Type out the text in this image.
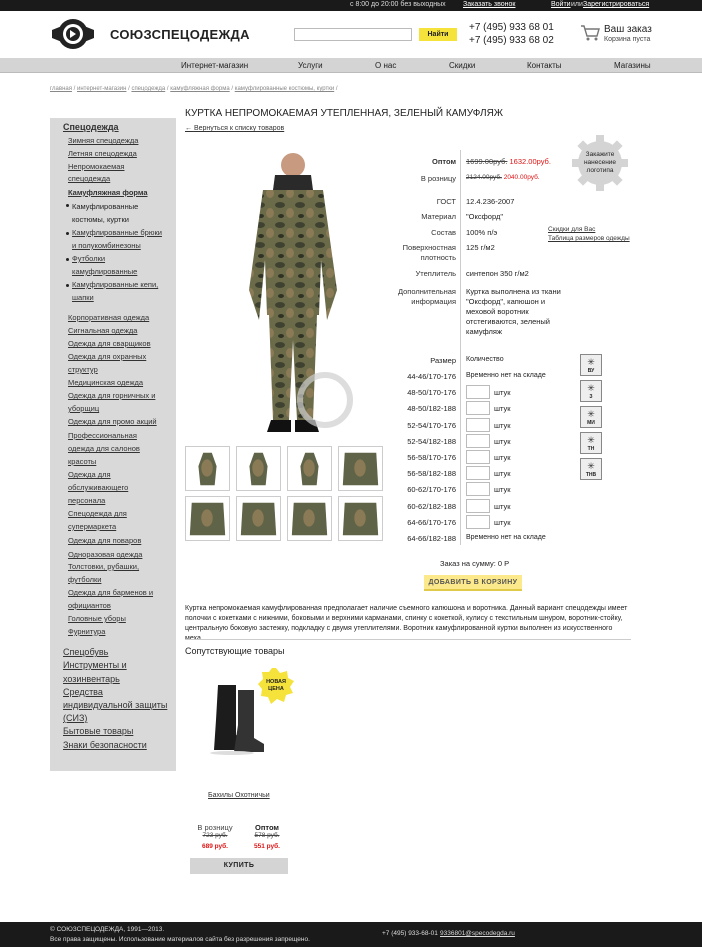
с 8:00 до 20:00 без выходных Заказать звонок	Войти или Зарегистрироваться
СОЮЗСПЕЦОДЕЖДА	Найти
+7 (495) 933 68 01
+7 (495) 933 68 02
Ваш заказ
Корзина пуста
Интернет-магазин	Услуги	О нас	Скидки	Контакты	Магазины
главная / интернет-магазин / спецодежда / камуфляжная форма / камуфлированные костюмы, куртки /
Спецодежда
Зимняя спецодежда
Летняя спецодежда
Непромокаемая
спецодежда
Камуфляжная форма
Камуфлированные
костюмы, куртки
Камуфлированные брюки
и полукомбинезоны
Футболки
камуфлированные
Камуфлированные кепи,
шапки
Корпоративная одежда
Сигнальная одежда
Одежда для сварщиков
Одежда для охранных
структур
Медицинская одежда
Одежда для горничных и
уборщиц
Одежда для промо акций
Профессиональная
одежда для салонов
красоты
Одежда для
обслуживающего
персонала
Спецодежда для
супермаркета
Одежда для поваров
Одноразовая одежда
Толстовки, рубашки,
футболки
Одежда для барменов и
официантов
Головные уборы
Фурнитура
Спецобувь
Инструменты и
хозинвентарь
Средства
индивидуальной защиты
(СИЗ)
Бытовые товары
Знаки безопасности
КУРТКА НЕПРОМОКАЕМАЯ УТЕПЛЕННАЯ, ЗЕЛЕНЫЙ КАМУФЛЯЖ
← Вернуться к списку товаров
Оптом 1699.00руб. 1632.00руб.
В розницу 2124.00руб. 2040.00руб.
ГОСТ 12.4.236-2007
Материал "Оксфорд"
Состав 100% п/э
Поверхностная
плотность
125 г/м2
Утеплитель синтепон 350 г/м2
Дополнительная
информация
Куртка выполнена из ткани
"Оксфорд", капюшон и
меховой воротник
отстегиваются, зеленый
камуфляж
Закажите нанесение логотипа
Скидки для Вас
Таблица размеров одежды
Размер Количество
44-46/170-176 Временно нет на складе
48-50/170-176	штук
48-50/182-188	штук
52-54/170-176	штук
52-54/182-188	штук
56-58/170-176	штук
56-58/182-188	штук
60-62/170-176	штук
60-62/182-188	штук
64-66/170-176	штук
64-66/182-188 Временно нет на складе
✳
ВУ
✳
З
✳
МИ
✳
ТН
✳
ТНВ
Заказ на сумму: 0 Р
ДОБАВИТЬ В КОРЗИНУ
Куртка непромокаемая камуфлированная предполагает наличие съемного капюшона и воротника. Данный вариант спецодежды имеет полочки с кокетками с нижними, боковыми и верхними карманами, спинку с кокеткой, кулису с текстильным шнуром, воротник-стойку, центральную боковую застежку, подкладку с двумя утеплителями. Воротник камуфлированной куртки выполнен из искусственного
Сопутствующие товары
НОВАЯ ЦЕНА
Бахилы Охотничьи
В розницу
723 руб.
689 руб.
Оптом
578 руб.
551 руб.
КУПИТЬ
© СОЮЗСПЕЦОДЕЖДА, 1991—2013.
Все права защищены. Использование материалов сайта без разрешения запрещено.
+7 (495) 933-68-01 9336801@specodegda.ru
